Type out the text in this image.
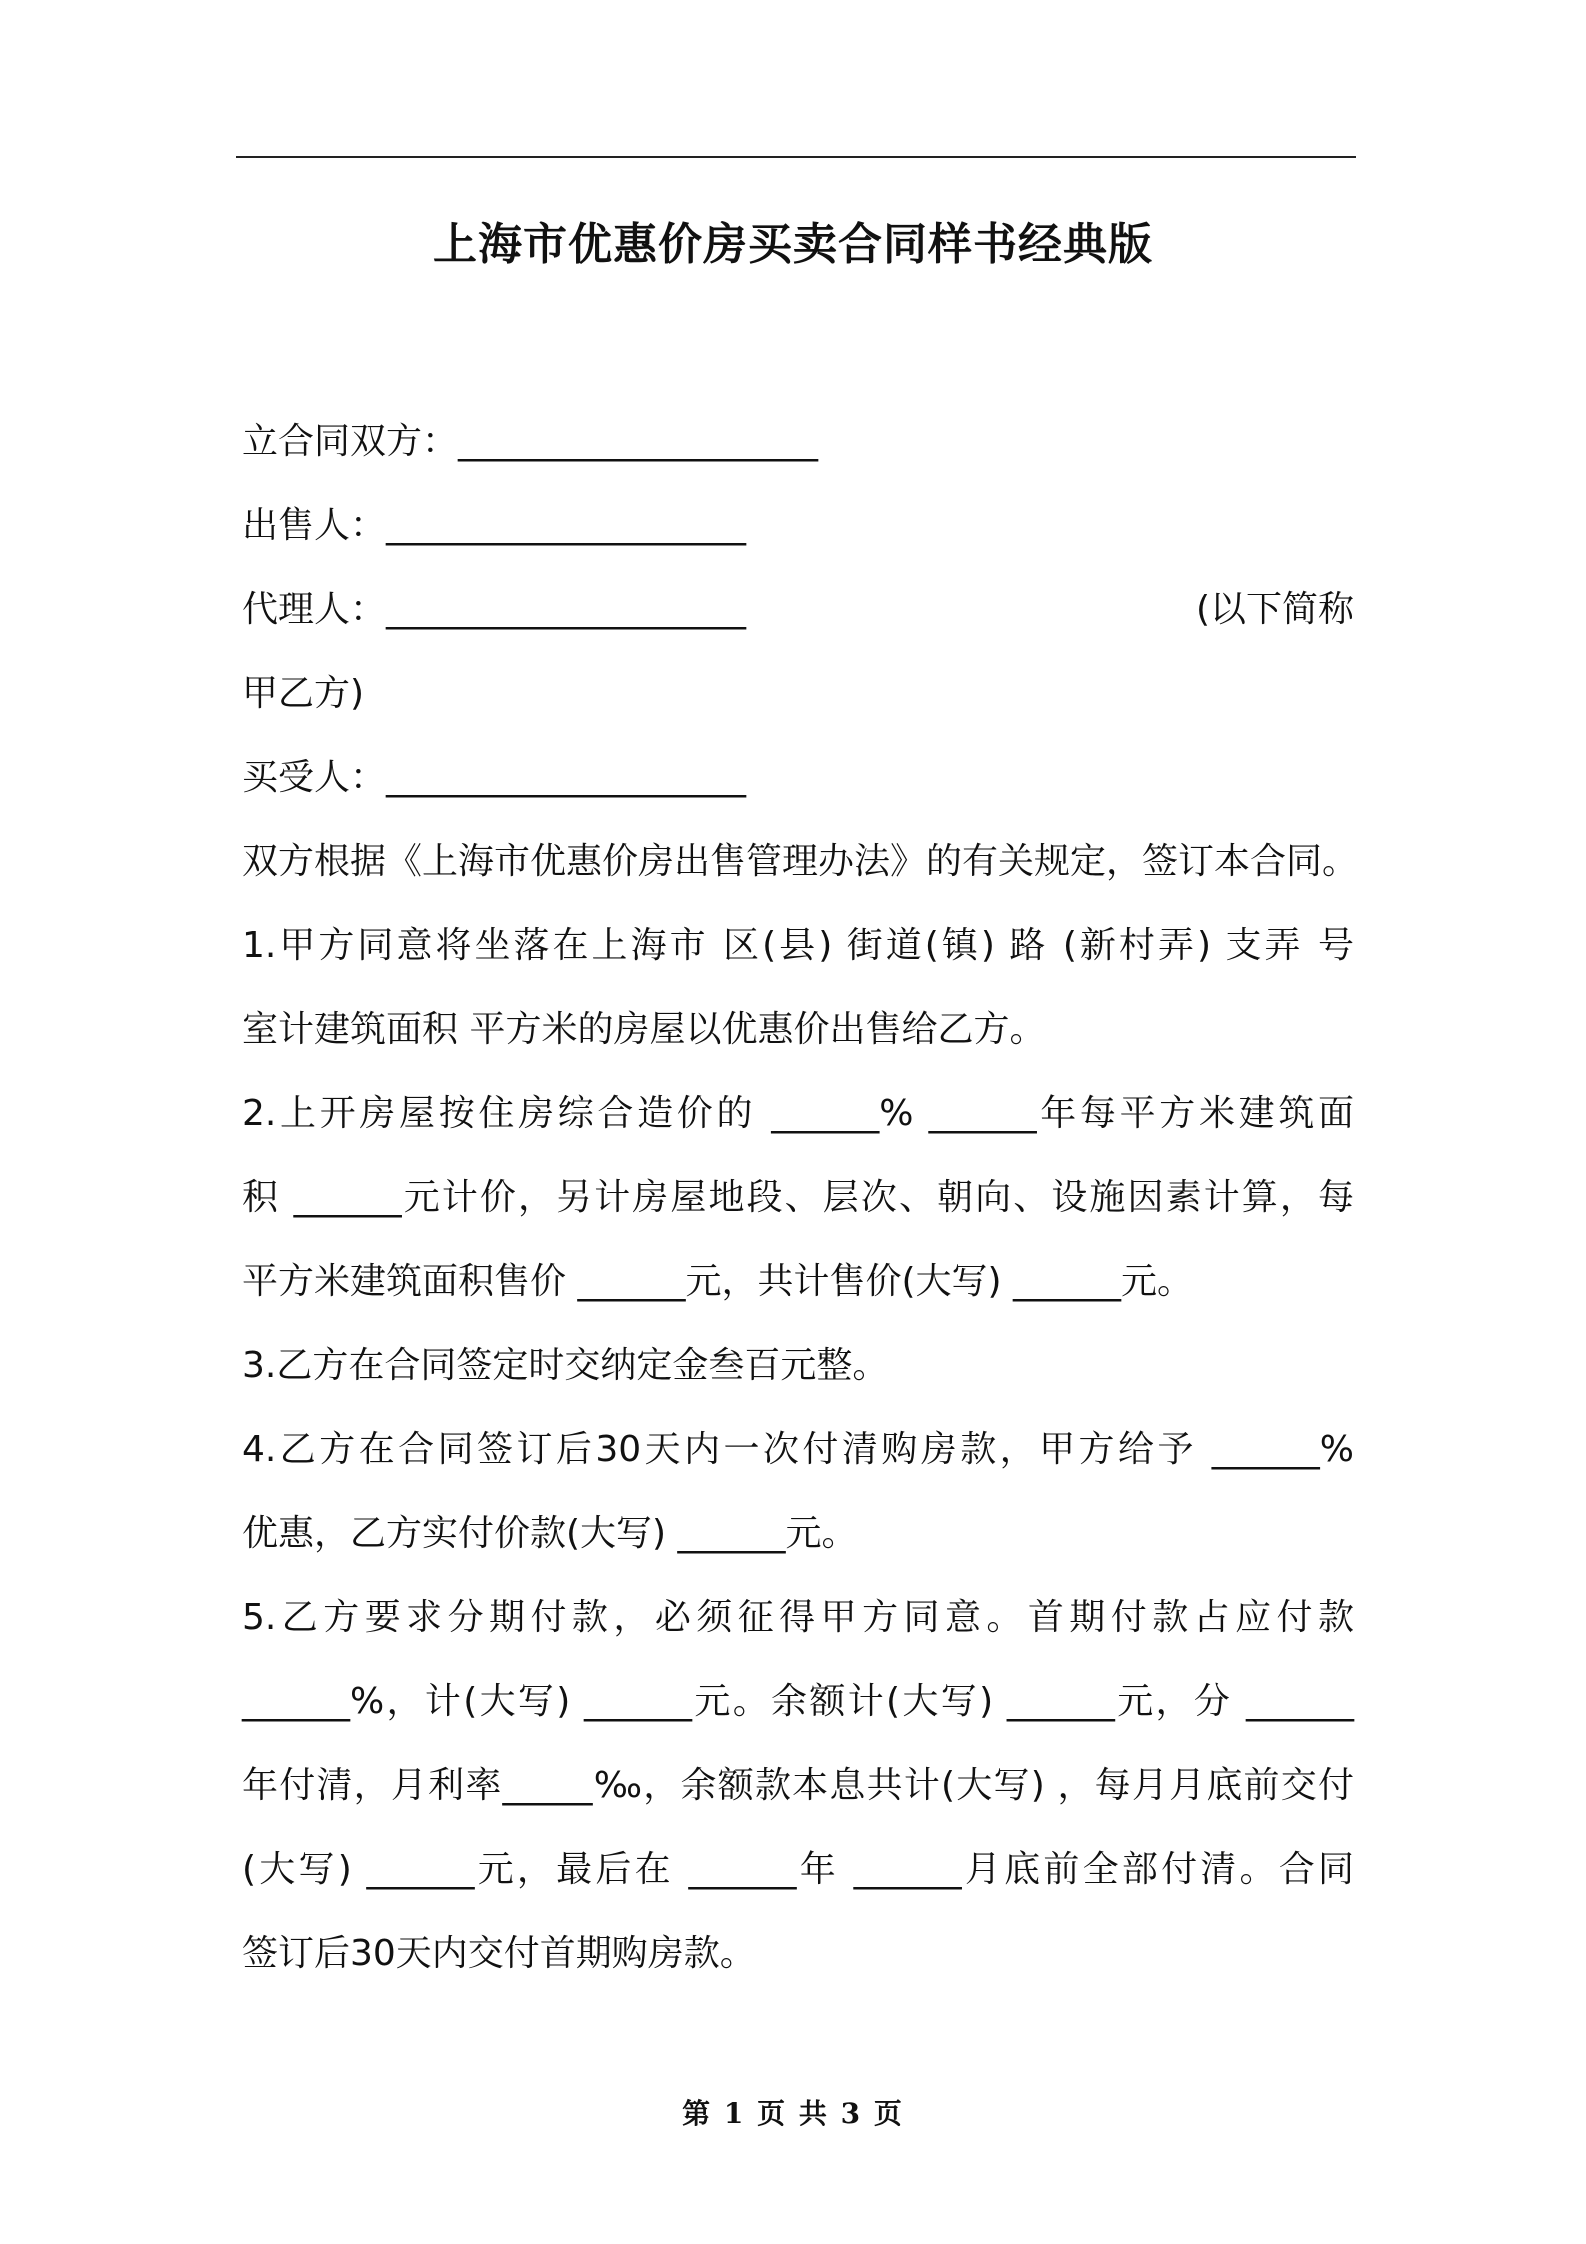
上海市优惠价房买卖合同样书经典版
立合同双方：____________________
出售人：____________________
代理人：____________________	(以下简称
甲乙方)
买受人：____________________
双方根据《上海市优惠价房出售管理办法》的有关规定，签订本合同。
1.甲方同意将坐落在上海市 区(县) 街道(镇) 路 (新村弄) 支弄 号
室计建筑面积 平方米的房屋以优惠价出售给乙方。
2.上开房屋按住房综合造价的 ______% ______年每平方米建筑面
积 ______元计价，另计房屋地段、层次、朝向、设施因素计算，每
平方米建筑面积售价 ______元，共计售价(大写) ______元。
3.乙方在合同签定时交纳定金叁百元整。
4.乙方在合同签订后30天内一次付清购房款，甲方给予 ______%
优惠，乙方实付价款(大写) ______元。
5.乙方要求分期付款，必须征得甲方同意。首期付款占应付款
______%，计(大写) ______元。余额计(大写) ______元，分 ______
年付清，月利率_____‰，余额款本息共计(大写) ，每月月底前交付
(大写) ______元，最后在 ______年 ______月底前全部付清。合同
签订后30天内交付首期购房款。
第 1 页 共 3 页
